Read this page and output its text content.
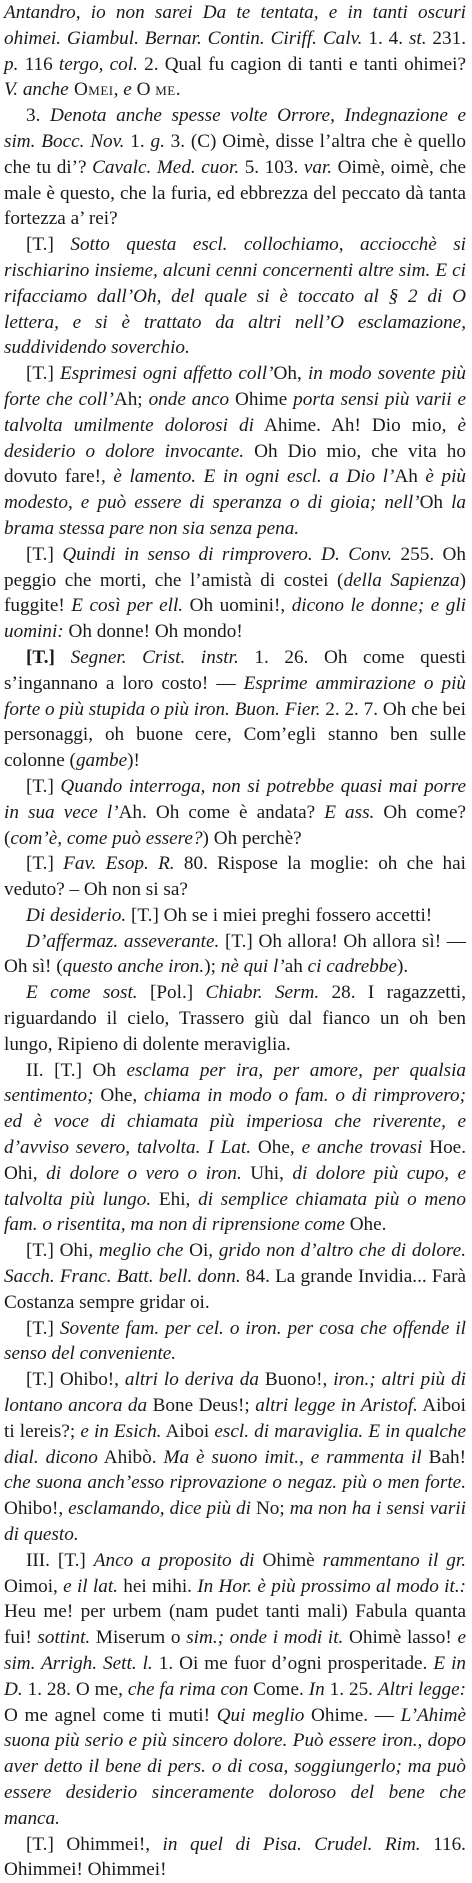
Antandro, io non sarei Da te tentata, e in tanti oscuri ohimei. Giambul. Bernar. Contin. Ciriff. Calv. 1. 4. st. 231. p. 116 tergo, col. 2. Qual fu cagion di tanti e tanti ohimei? V. anche Omei, e O me.

3. Denota anche spesse volte Orrore, Indegnazione e sim. Bocc. Nov. 1. g. 3. (C) Oimè, disse l’altra che è quello che tu di’? Cavalc. Med. cuor. 5. 103. var. Oimè, oimè, che male è questo, che la furia, ed ebbrezza del peccato dà tanta fortezza a’ rei?

[T.] Sotto questa escl. collochiamo, acciocchè si rischiarino insieme, alcuni cenni concernenti altre sim. E ci rifacciamo dall’Oh, del quale si è toccato al § 2 di O lettera, e si è trattato da altri nell’O esclamazione, suddividendo soverchio.

[T.] Esprimesi ogni affetto coll’Oh, in modo sovente più forte che coll’Ah; onde anco Ohime porta sensi più varii e talvolta umilmente dolorosi di Ahime. Ah! Dio mio, è desiderio o dolore invocante. Oh Dio mio, che vita ho dovuto fare!, è lamento. E in ogni escl. a Dio l’Ah è più modesto, e può essere di speranza o di gioia; nell’Oh la brama stessa pare non sia senza pena.

[T.] Quindi in senso di rimprovero. D. Conv. 255. Oh peggio che morti, che l’amistà di costei (della Sapienza) fuggite! E così per ell. Oh uomini!, dicono le donne; e gli uomini: Oh donne! Oh mondo!

[T.] Segner. Crist. instr. 1. 26. Oh come questi s’ingannano a loro costo! — Esprime ammirazione o più forte o più stupida o più iron. Buon. Fier. 2. 2. 7. Oh che bei personaggi, oh buone cere, Com’egli stanno ben sulle colonne (gambe)!

[T.] Quando interroga, non si potrebbe quasi mai porre in sua vece l’Ah. Oh come è andata? E ass. Oh come? (com’è, come può essere?) Oh perchè?

[T.] Fav. Esop. R. 80. Rispose la moglie: oh che hai veduto? – Oh non si sa?

Di desiderio. [T.] Oh se i miei preghi fossero accetti!

D’affermaz. asseverante. [T.] Oh allora! Oh allora sì! — Oh sì! (questo anche iron.); nè qui l’ah ci cadrebbe).

E come sost. [Pol.] Chiabr. Serm. 28. I ragazzetti, riguardando il cielo, Trassero giù dal fianco un oh ben lungo, Ripieno di dolente meraviglia.

II. [T.] Oh esclama per ira, per amore, per qualsia sentimento; Ohe, chiama in modo o fam. o di rimprovero; ed è voce di chiamata più imperiosa che riverente, e d’avviso severo, talvolta. I Lat. Ohe, e anche trovasi Hoe. Ohi, di dolore o vero o iron. Uhi, di dolore più cupo, e talvolta più lungo. Ehi, di semplice chiamata più o meno fam. o risentita, ma non di riprensione come Ohe.

[T.] Ohi, meglio che Oi, grido non d’altro che di dolore. Sacch. Franc. Batt. bell. donn. 84. La grande Invidia... Farà Costanza sempre gridar oi.

[T.] Sovente fam. per cel. o iron. per cosa che offende il senso del conveniente.

[T.] Ohibo!, altri lo deriva da Buono!, iron.; altri più di lontano ancora da Bone Deus!; altri legge in Aristof. Aiboi ti lereis?; e in Esich. Aiboi escl. di maraviglia. E in qualche dial. dicono Ahibò. Ma è suono imit., e rammenta il Bah! che suona anch’esso riprovazione o negaz. più o men forte. Ohibo!, esclamando, dice più di No; ma non ha i sensi varii di questo.

III. [T.] Anco a proposito di Ohimè rammentano il gr. Oimoi, e il lat. hei mihi. In Hor. è più prossimo al modo it.: Heu me! per urbem (nam pudet tanti mali) Fabula quanta fui! sottint. Miserum o sim.; onde i modi it. Ohimè lasso! e sim. Arrigh. Sett. l. 1. Oi me fuor d’ogni prosperitade. E in D. 1. 28. O me, che fa rima con Come. In 1. 25. Altri legge: O me agnel come ti muti! Qui meglio Ohime. — L’Ahimè suona più serio e più sincero dolore. Può essere iron., dopo aver detto il bene di pers. o di cosa, soggiungerlo; ma può essere desiderio sinceramente doloroso del bene che manca.

[T.] Ohimmei!, in quel di Pisa. Crudel. Rim. 116. Ohimmei! Ohimmei!
